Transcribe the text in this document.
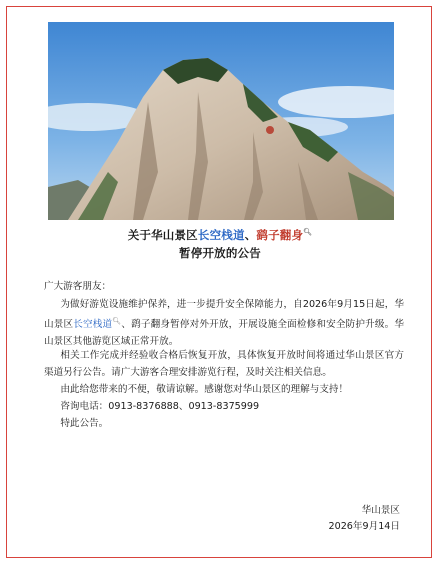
关于华山景区长空栈道、鹞子翻身🔍︎
暂停开放的公告
广大游客朋友：
为做好游览设施维护保养，进一步提升安全保障能力，自2026年9月15日起，华山景区长空栈道🔍︎、鹞子翻身暂停对外开放，开展设施全面检修和安全防护升级。华山景区其他游览区域正常开放。
相关工作完成并经验收合格后恢复开放，具体恢复开放时间将通过华山景区官方渠道另行公告。请广大游客合理安排游览行程，及时关注相关信息。
由此给您带来的不便，敬请谅解。感谢您对华山景区的理解与支持！
咨询电话：0913-8376888、0913-8375999
特此公告。
华山景区
2026年9月14日
